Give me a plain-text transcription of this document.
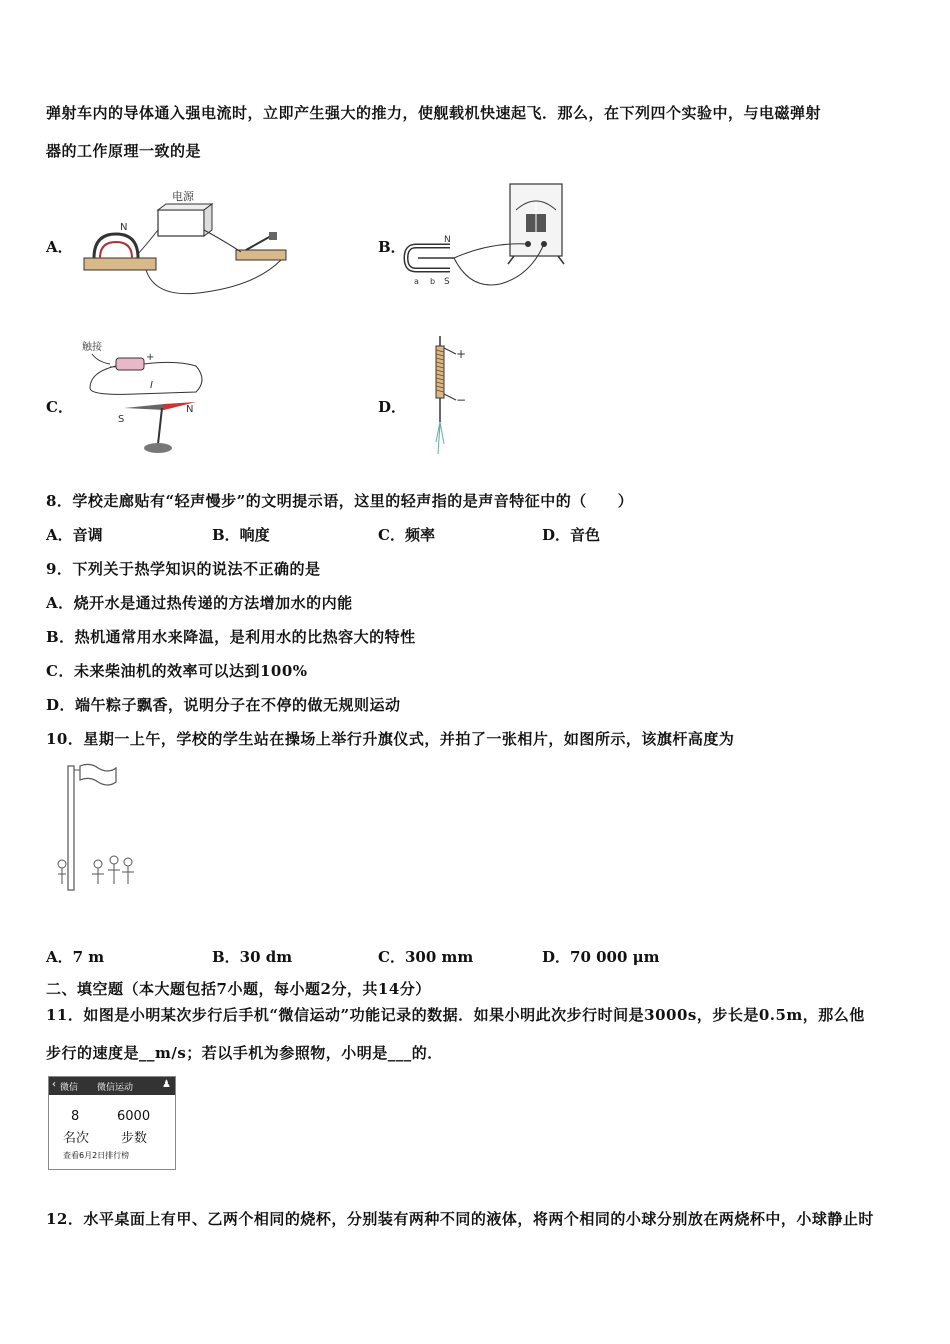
弹射车内的导体通入强电流时，立即产生强大的推力，使舰载机快速起飞．那么，在下列四个实验中，与电磁弹射
器的工作原理一致的是
A．
电源
N
B．	N
S
a b
C．
触接
−
+
I
S
N	D．
+
−
8．学校走廊贴有“轻声慢步”的文明提示语，这里的轻声指的是声音特征中的（　　）
A．音调	B．响度	C．频率	D．音色
9．下列关于热学知识的说法不正确的是
A．烧开水是通过热传递的方法增加水的内能
B．热机通常用水来降温，是利用水的比热容大的特性
C．未来柴油机的效率可以达到100%
D．端午粽子飘香，说明分子在不停的做无规则运动
10．星期一上午，学校的学生站在操场上举行升旗仪式，并拍了一张相片，如图所示，该旗杆高度为
A．7 m	B．30 dm	C．300 mm	D．70 000 μm
二、填空题（本大题包括7小题，每小题2分，共14分）
11．如图是小明某次步行后手机“微信运动”功能记录的数据．如果小明此次步行时间是3000s，步长是0.5m，那么他
步行的速度是__m/s；若以手机为参照物，小明是___的．
‹ 微信 微信运动	♟
8	6000
名次 步数
查看6月2日排行榜
12．水平桌面上有甲、乙两个相同的烧杯，分别装有两种不同的液体，将两个相同的小球分别放在两烧杯中，小球静止时
